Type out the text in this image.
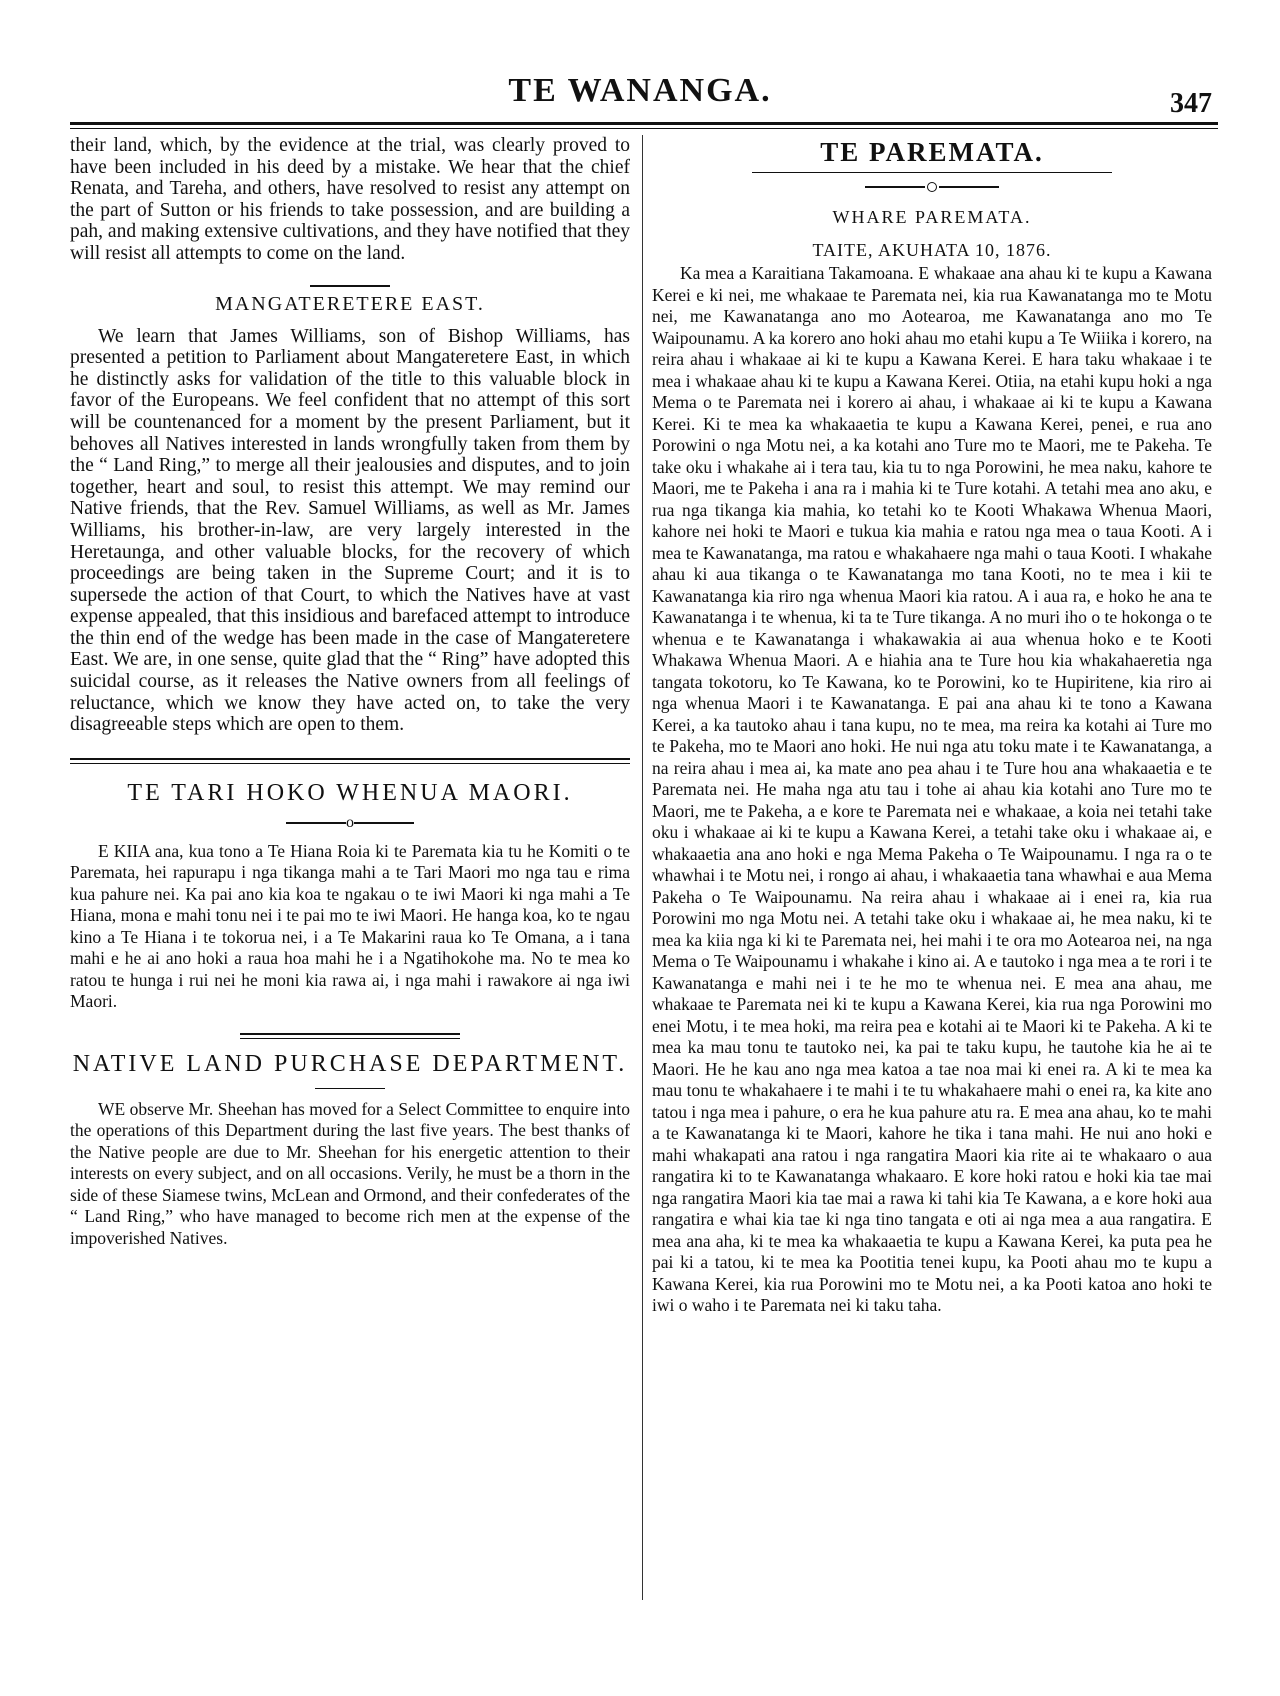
TE WANANGA.	347

their land, which, by the evidence at the trial, was clearly proved to have been included in his deed by a mistake. We hear that the chief Renata, and Tareha, and others, have resolved to resist any attempt on the part of Sutton or his friends to take possession, and are building a pah, and making extensive cultivations, and they have notified that they will resist all attempts to come on the land.

MANGATERETERE EAST.

We learn that James Williams, son of Bishop Williams, has presented a petition to Parliament about Mangateretere East, in which he distinctly asks for validation of the title to this valuable block in favor of the Europeans. We feel confident that no attempt of this sort will be countenanced for a moment by the present Parliament, but it behoves all Natives interested in lands wrongfully taken from them by the “ Land Ring,” to merge all their jealousies and disputes, and to join together, heart and soul, to resist this attempt. We may remind our Native friends, that the Rev. Samuel Williams, as well as Mr. James Williams, his brother-in-law, are very largely interested in the Heretaunga, and other valuable blocks, for the recovery of which proceedings are being taken in the Supreme Court; and it is to supersede the action of that Court, to which the Natives have at vast expense appealed, that this insidious and barefaced attempt to introduce the thin end of the wedge has been made in the case of Mangateretere East. We are, in one sense, quite glad that the “ Ring” have adopted this suicidal course, as it releases the Native owners from all feelings of reluctance, which we know they have acted on, to take the very disagreeable steps which are open to them.

TE TARI HOKO WHENUA MAORI.
o

E KIIA ana, kua tono a Te Hiana Roia ki te Paremata kia tu he Komiti o te Paremata, hei rapurapu i nga tikanga mahi a te Tari Maori mo nga tau e rima kua pahure nei. Ka pai ano kia koa te ngakau o te iwi Maori ki nga mahi a Te Hiana, mona e mahi tonu nei i te pai mo te iwi Maori. He hanga koa, ko te ngau kino a Te Hiana i te tokorua nei, i a Te Makarini raua ko Te Omana, a i tana mahi e he ai ano hoki a raua hoa mahi he i a Ngatihokohe ma. No te mea ko ratou te hunga i rui nei he moni kia rawa ai, i nga mahi i rawakore ai nga iwi Maori.

NATIVE LAND PURCHASE DEPARTMENT.

WE observe Mr. Sheehan has moved for a Select Committee to enquire into the operations of this Department during the last five years. The best thanks of the Native people are due to Mr. Sheehan for his energetic attention to their interests on every subject, and on all occasions. Verily, he must be a thorn in the side of these Siamese twins, McLean and Ormond, and their confederates of the “ Land Ring,” who have managed to become rich men at the expense of the impoverished Natives.

TE PAREMATA.
WHARE PAREMATA.
TAITE, AKUHATA 10, 1876.

Ka mea a Karaitiana Takamoana. E whakaae ana ahau ki te kupu a Kawana Kerei e ki nei, me whakaae te Paremata nei, kia rua Kawanatanga mo te Motu nei, me Kawanatanga ano mo Aotearoa, me Kawanatanga ano mo Te Waipounamu. A ka korero ano hoki ahau mo etahi kupu a Te Wiiika i korero, na reira ahau i whakaae ai ki te kupu a Kawana Kerei. E hara taku whakaae i te mea i whakaae ahau ki te kupu a Kawana Kerei. Otiia, na etahi kupu hoki a nga Mema o te Paremata nei i korero ai ahau, i whakaae ai ki te kupu a Kawana Kerei. Ki te mea ka whakaaetia te kupu a Kawana Kerei, penei, e rua ano Porowini o nga Motu nei, a ka kotahi ano Ture mo te Maori, me te Pakeha. Te take oku i whakahe ai i tera tau, kia tu to nga Porowini, he mea naku, kahore te Maori, me te Pakeha i ana ra i mahia ki te Ture kotahi. A tetahi mea ano aku, e rua nga tikanga kia mahia, ko tetahi ko te Kooti Whakawa Whenua Maori, kahore nei hoki te Maori e tukua kia mahia e ratou nga mea o taua Kooti. A i mea te Kawanatanga, ma ratou e whakahaere nga mahi o taua Kooti. I whakahe ahau ki aua tikanga o te Kawanatanga mo tana Kooti, no te mea i kii te Kawanatanga kia riro nga whenua Maori kia ratou. A i aua ra, e hoko he ana te Kawanatanga i te whenua, ki ta te Ture tikanga. A no muri iho o te hokonga o te whenua e te Kawanatanga i whakawakia ai aua whenua hoko e te Kooti Whakawa Whenua Maori. A e hiahia ana te Ture hou kia whakahaeretia nga tangata tokotoru, ko Te Kawana, ko te Porowini, ko te Hupiritene, kia riro ai nga whenua Maori i te Kawanatanga. E pai ana ahau ki te tono a Kawana Kerei, a ka tautoko ahau i tana kupu, no te mea, ma reira ka kotahi ai Ture mo te Pakeha, mo te Maori ano hoki. He nui nga atu toku mate i te Kawanatanga, a na reira ahau i mea ai, ka mate ano pea ahau i te Ture hou ana whakaaetia e te Paremata nei. He maha nga atu tau i tohe ai ahau kia kotahi ano Ture mo te Maori, me te Pakeha, a e kore te Paremata nei e whakaae, a koia nei tetahi take oku i whakaae ai ki te kupu a Kawana Kerei, a tetahi take oku i whakaae ai, e whakaaetia ana ano hoki e nga Mema Pakeha o Te Waipounamu. I nga ra o te whawhai i te Motu nei, i rongo ai ahau, i whakaaetia tana whawhai e aua Mema Pakeha o Te Waipounamu. Na reira ahau i whakaae ai i enei ra, kia rua Porowini mo nga Motu nei. A tetahi take oku i whakaae ai, he mea naku, ki te mea ka kiia nga ki ki te Paremata nei, hei mahi i te ora mo Aotearoa nei, na nga Mema o Te Waipounamu i whakahe i kino ai. A e tautoko i nga mea a te rori i te Kawanatanga e mahi nei i te he mo te whenua nei. E mea ana ahau, me whakaae te Paremata nei ki te kupu a Kawana Kerei, kia rua nga Porowini mo enei Motu, i te mea hoki, ma reira pea e kotahi ai te Maori ki te Pakeha. A ki te mea ka mau tonu te tautoko nei, ka pai te taku kupu, he tautohe kia he ai te Maori. He he kau ano nga mea katoa a tae noa mai ki enei ra. A ki te mea ka mau tonu te whakahaere i te mahi i te tu whakahaere mahi o enei ra, ka kite ano tatou i nga mea i pahure, o era he kua pahure atu ra. E mea ana ahau, ko te mahi a te Kawanatanga ki te Maori, kahore he tika i tana mahi. He nui ano hoki e mahi whakapati ana ratou i nga rangatira Maori kia rite ai te whakaaro o aua rangatira ki to te Kawanatanga whakaaro. E kore hoki ratou e hoki kia tae mai nga rangatira Maori kia tae mai a rawa ki tahi kia Te Kawana, a e kore hoki aua rangatira e whai kia tae ki nga tino tangata e oti ai nga mea a aua rangatira. E mea ana aha, ki te mea ka whakaaetia te kupu a Kawana Kerei, ka puta pea he pai ki a tatou, ki te mea ka Pootitia tenei kupu, ka Pooti ahau mo te kupu a Kawana Kerei, kia rua Porowini mo te Motu nei, a ka Pooti katoa ano hoki te iwi o waho i te Paremata nei ki taku taha.
